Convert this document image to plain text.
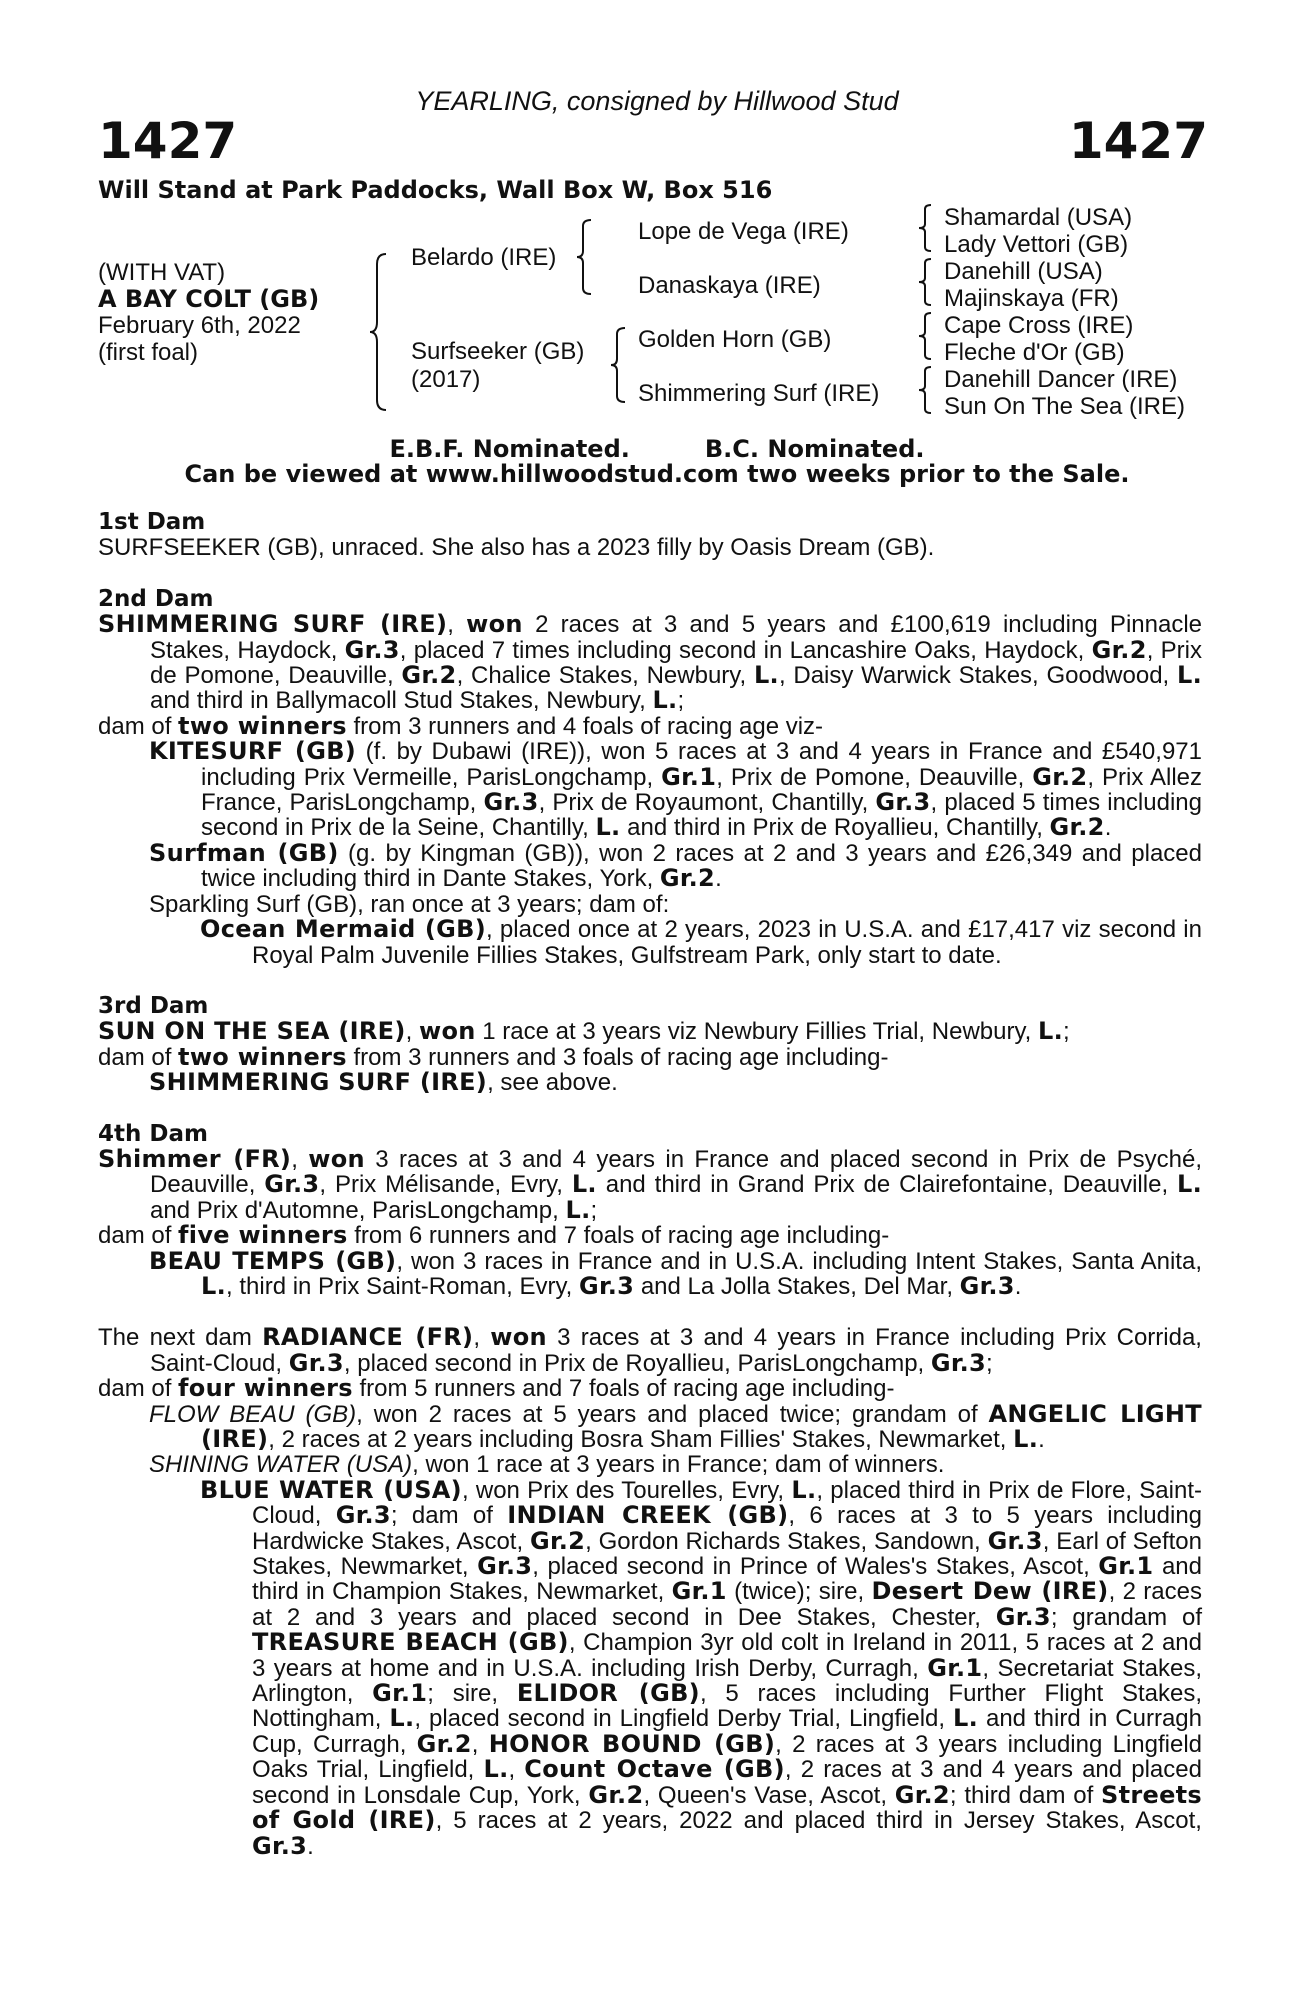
YEARLING, consigned by Hillwood Stud
1427	1427
Will Stand at Park Paddocks, Wall Box W, Box 516
(WITH VAT)
A BAY COLT (GB)
February 6th, 2022
(first foal)
Belardo (IRE)
Surfseeker (GB)
(2017)
Lope de Vega (IRE)
Danaskaya (IRE)
Golden Horn (GB)
Shimmering Surf (IRE)
Shamardal (USA)
Lady Vettori (GB)
Danehill (USA)
Majinskaya (FR)
Cape Cross (IRE)
Fleche d'Or (GB)
Danehill Dancer (IRE)
Sun On The Sea (IRE)
E.B.F. Nominated.	B.C. Nominated.
Can be viewed at www.hillwoodstud.com two weeks prior to the Sale.

1st Dam

SURFSEEKER (GB), unraced. She also has a 2023 filly by Oasis Dream (GB).

2nd Dam

SHIMMERING SURF (IRE), won 2 races at 3 and 5 years and £100,619 including Pinnacle Stakes, Haydock, Gr.3, placed 7 times including second in Lancashire Oaks, Haydock, Gr.2, Prix de Pomone, Deauville, Gr.2, Chalice Stakes, Newbury, L., Daisy Warwick Stakes, Goodwood, L. and third in Ballymacoll Stud Stakes, Newbury, L.;

dam of two winners from 3 runners and 4 foals of racing age viz-

KITESURF (GB) (f. by Dubawi (IRE)), won 5 races at 3 and 4 years in France and £540,971 including Prix Vermeille, ParisLongchamp, Gr.1, Prix de Pomone, Deauville, Gr.2, Prix Allez France, ParisLongchamp, Gr.3, Prix de Royaumont, Chantilly, Gr.3, placed 5 times including second in Prix de la Seine, Chantilly, L. and third in Prix de Royallieu, Chantilly, Gr.2.

Surfman (GB) (g. by Kingman (GB)), won 2 races at 2 and 3 years and £26,349 and placed twice including third in Dante Stakes, York, Gr.2.

Sparkling Surf (GB), ran once at 3 years; dam of:

Ocean Mermaid (GB), placed once at 2 years, 2023 in U.S.A. and £17,417 viz second in Royal Palm Juvenile Fillies Stakes, Gulfstream Park, only start to date.

3rd Dam

SUN ON THE SEA (IRE), won 1 race at 3 years viz Newbury Fillies Trial, Newbury, L.;

dam of two winners from 3 runners and 3 foals of racing age including-

SHIMMERING SURF (IRE), see above.

4th Dam

Shimmer (FR), won 3 races at 3 and 4 years in France and placed second in Prix de Psyché, Deauville, Gr.3, Prix Mélisande, Evry, L. and third in Grand Prix de Clairefontaine, Deauville, L. and Prix d'Automne, ParisLongchamp, L.;

dam of five winners from 6 runners and 7 foals of racing age including-

BEAU TEMPS (GB), won 3 races in France and in U.S.A. including Intent Stakes, Santa Anita, L., third in Prix Saint-Roman, Evry, Gr.3 and La Jolla Stakes, Del Mar, Gr.3.

The next dam RADIANCE (FR), won 3 races at 3 and 4 years in France including Prix Corrida, Saint-Cloud, Gr.3, placed second in Prix de Royallieu, ParisLongchamp, Gr.3;

dam of four winners from 5 runners and 7 foals of racing age including-

FLOW BEAU (GB), won 2 races at 5 years and placed twice; grandam of ANGELIC LIGHT (IRE), 2 races at 2 years including Bosra Sham Fillies' Stakes, Newmarket, L..

SHINING WATER (USA), won 1 race at 3 years in France; dam of winners.

BLUE WATER (USA), won Prix des Tourelles, Evry, L., placed third in Prix de Flore, Saint-Cloud, Gr.3; dam of INDIAN CREEK (GB), 6 races at 3 to 5 years including Hardwicke Stakes, Ascot, Gr.2, Gordon Richards Stakes, Sandown, Gr.3, Earl of Sefton Stakes, Newmarket, Gr.3, placed second in Prince of Wales's Stakes, Ascot, Gr.1 and third in Champion Stakes, Newmarket, Gr.1 (twice); sire, Desert Dew (IRE), 2 races at 2 and 3 years and placed second in Dee Stakes, Chester, Gr.3; grandam of TREASURE BEACH (GB), Champion 3yr old colt in Ireland in 2011, 5 races at 2 and 3 years at home and in U.S.A. including Irish Derby, Curragh, Gr.1, Secretariat Stakes, Arlington, Gr.1; sire, ELIDOR (GB), 5 races including Further Flight Stakes, Nottingham, L., placed second in Lingfield Derby Trial, Lingfield, L. and third in Curragh Cup, Curragh, Gr.2, HONOR BOUND (GB), 2 races at 3 years including Lingfield Oaks Trial, Lingfield, L., Count Octave (GB), 2 races at 3 and 4 years and placed second in Lonsdale Cup, York, Gr.2, Queen's Vase, Ascot, Gr.2; third dam of Streets of Gold (IRE), 5 races at 2 years, 2022 and placed third in Jersey Stakes, Ascot, Gr.3.
